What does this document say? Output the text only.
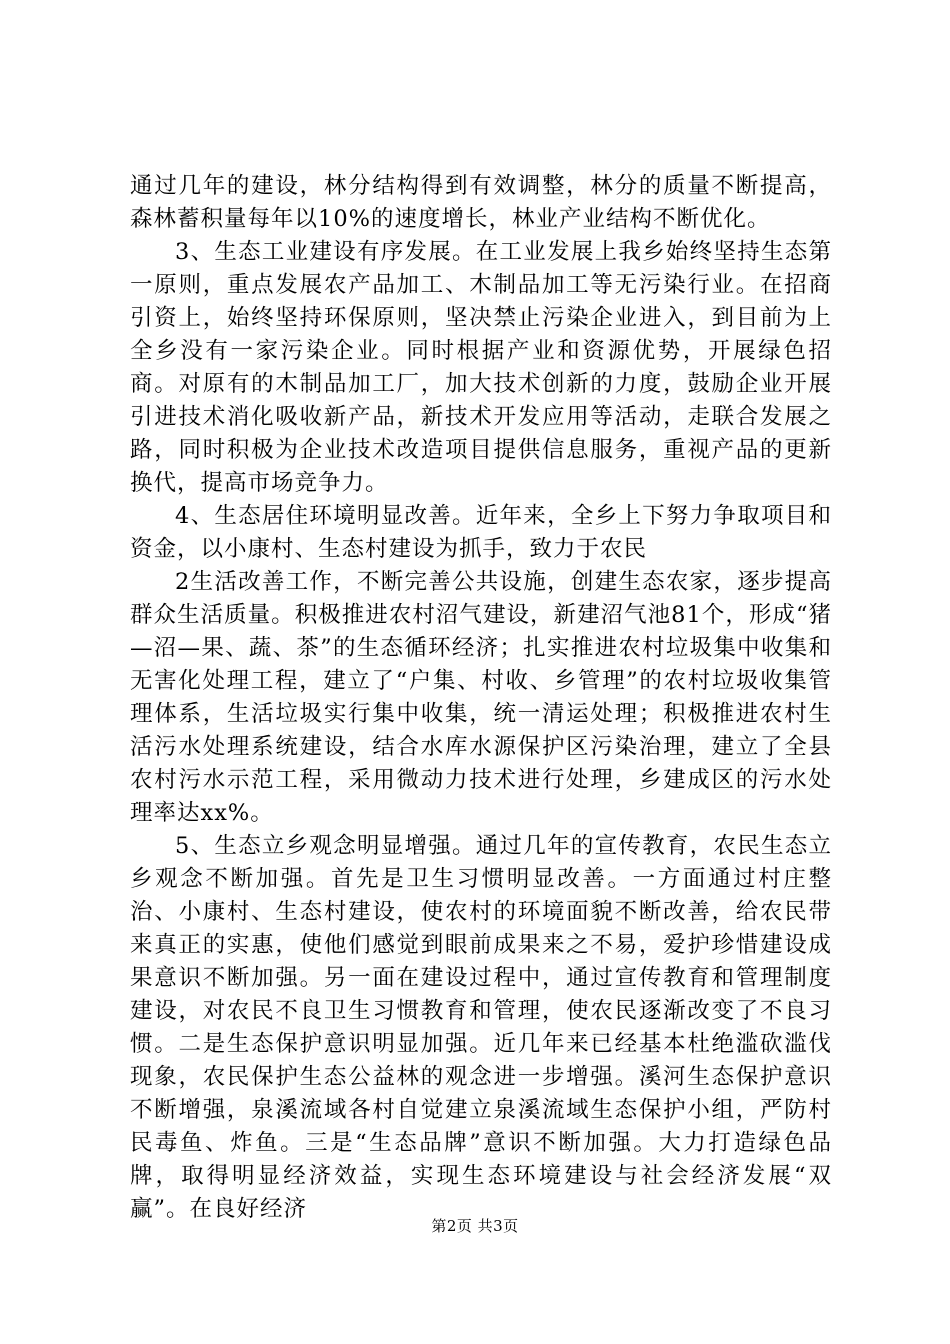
通过几年的建设，林分结构得到有效调整，林分的质量不断提高，森林蓄积量每年以10%的速度增长，林业产业结构不断优化。

3、生态工业建设有序发展。在工业发展上我乡始终坚持生态第一原则，重点发展农产品加工、木制品加工等无污染行业。在招商引资上，始终坚持环保原则，坚决禁止污染企业进入，到目前为上全乡没有一家污染企业。同时根据产业和资源优势，开展绿色招商。对原有的木制品加工厂，加大技术创新的力度，鼓励企业开展引进技术消化吸收新产品，新技术开发应用等活动，走联合发展之路，同时积极为企业技术改造项目提供信息服务，重视产品的更新换代，提高市场竞争力。

4、生态居住环境明显改善。近年来，全乡上下努力争取项目和资金，以小康村、生态村建设为抓手，致力于农民

2生活改善工作，不断完善公共设施，创建生态农家，逐步提高群众生活质量。积极推进农村沼气建设，新建沼气池81个，形成“猪—沼—果、蔬、茶”的生态循环经济；扎实推进农村垃圾集中收集和无害化处理工程，建立了“户集、村收、乡管理”的农村垃圾收集管理体系，生活垃圾实行集中收集，统一清运处理；积极推进农村生活污水处理系统建设，结合水库水源保护区污染治理，建立了全县农村污水示范工程，采用微动力技术进行处理，乡建成区的污水处理率达xx%。

5、生态立乡观念明显增强。通过几年的宣传教育，农民生态立乡观念不断加强。首先是卫生习惯明显改善。一方面通过村庄整治、小康村、生态村建设，使农村的环境面貌不断改善，给农民带来真正的实惠，使他们感觉到眼前成果来之不易，爱护珍惜建设成果意识不断加强。另一面在建设过程中，通过宣传教育和管理制度建设，对农民不良卫生习惯教育和管理，使农民逐渐改变了不良习惯。二是生态保护意识明显加强。近几年来已经基本杜绝滥砍滥伐现象，农民保护生态公益林的观念进一步增强。溪河生态保护意识不断增强，泉溪流域各村自觉建立泉溪流域生态保护小组，严防村民毒鱼、炸鱼。三是“生态品牌”意识不断加强。大力打造绿色品牌，取得明显经济效益，实现生态环境建设与社会经济发展“双赢”。在良好经济

第2页 共3页
